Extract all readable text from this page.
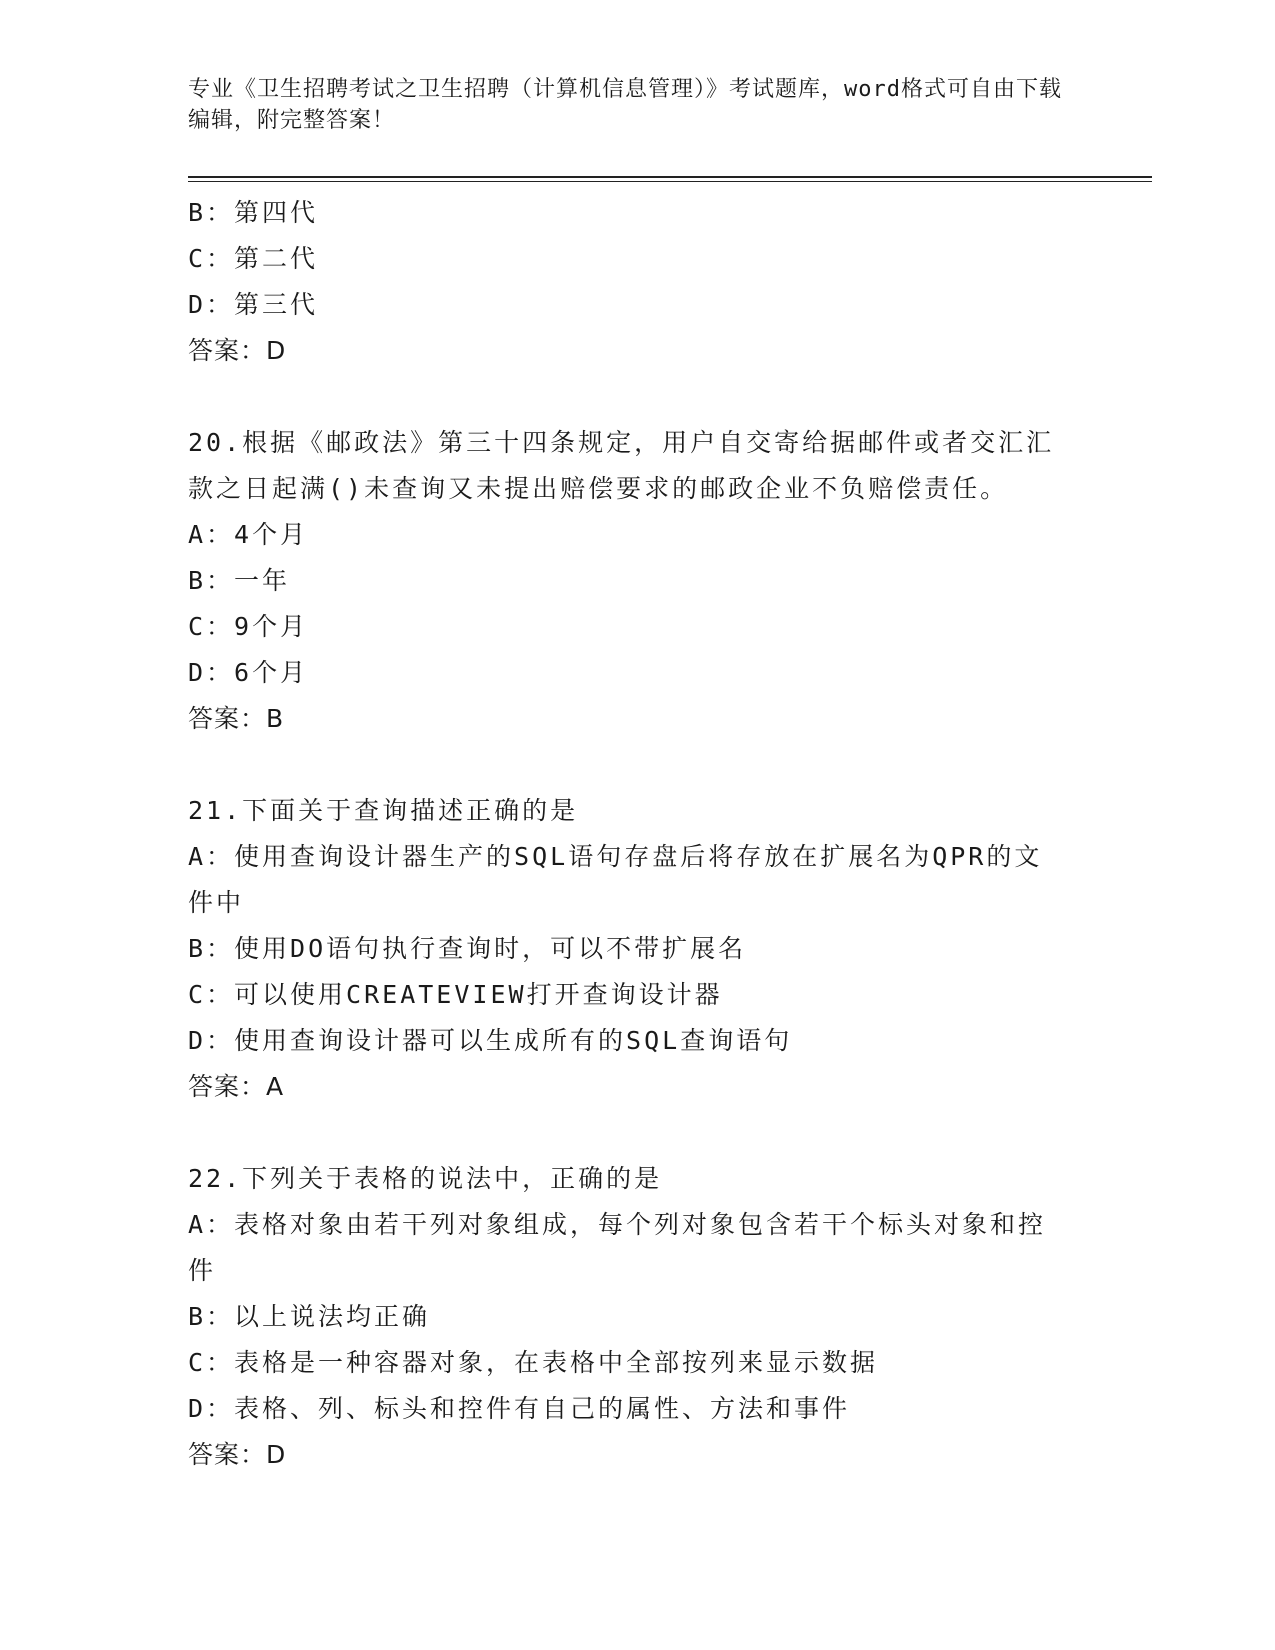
专业《卫生招聘考试之卫生招聘（计算机信息管理）》考试题库，word格式可自由下载编辑，附完整答案！
B：第四代
C：第二代
D：第三代
答案：D
20.根据《邮政法》第三十四条规定，用户自交寄给据邮件或者交汇汇款之日起满()未查询又未提出赔偿要求的邮政企业不负赔偿责任。
A：4个月
B：一年
C：9个月
D：6个月
答案：B
21.下面关于查询描述正确的是
A：使用查询设计器生产的SQL语句存盘后将存放在扩展名为QPR的文件中
B：使用DO语句执行查询时，可以不带扩展名
C：可以使用CREATEVIEW打开查询设计器
D：使用查询设计器可以生成所有的SQL查询语句
答案：A
22.下列关于表格的说法中，正确的是
A：表格对象由若干列对象组成，每个列对象包含若干个标头对象和控件
B：以上说法均正确
C：表格是一种容器对象，在表格中全部按列来显示数据
D：表格、列、标头和控件有自己的属性、方法和事件
答案：D
